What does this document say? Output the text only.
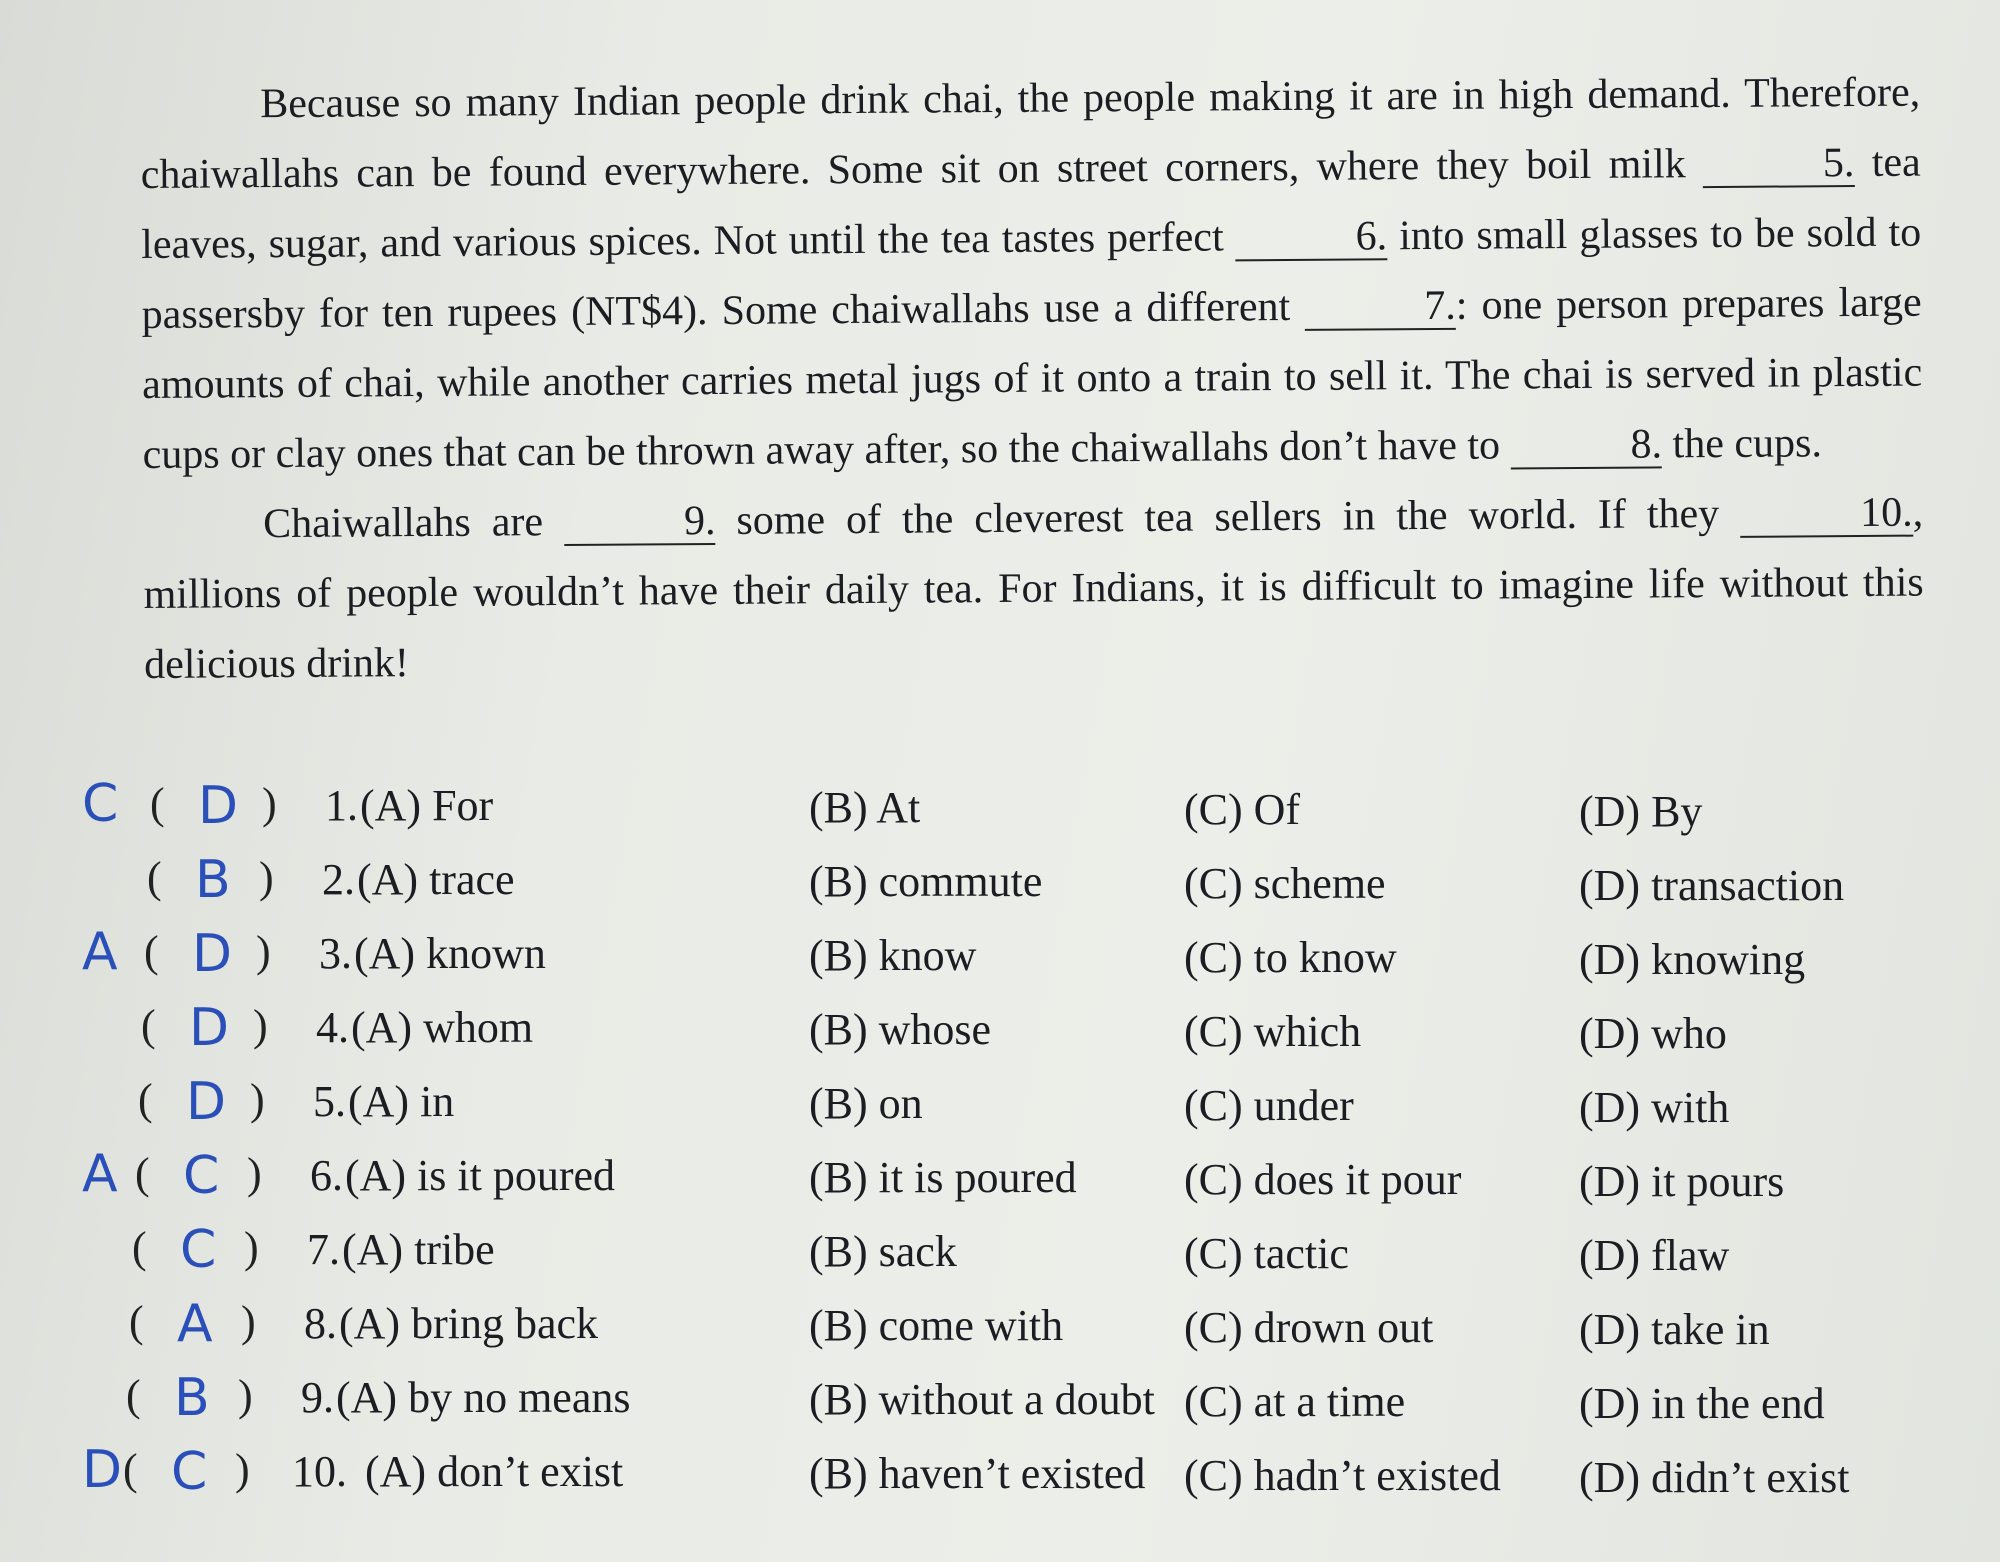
Because so many Indian people drink chai, the people making it are in high demand. Therefore, chaiwallahs can be found everywhere. Some sit on street corners, where they boil milk	5. tea leaves, sugar, and various spices. Not until the tea tastes perfect	6. into small glasses to be sold to passersby for ten rupees (NT$4). Some chaiwallahs use a different	7.: one person prepares large amounts of chai, while another carries metal jugs of it onto a train to sell it. The chai is served in plastic cups or clay ones that can be thrown away after, so the chaiwallahs don’t have to	8. the cups.

Chaiwallahs are	9. some of the cleverest tea sellers in the world. If they	10., millions of people wouldn’t have their daily tea. For Indians, it is difficult to imagine life without this delicious drink!

C ( D ) 1. (A) For	(B) At	(C) Of	(D) By
( B ) 2. (A) trace	(B) commute	(C) scheme	(D) transaction
A ( D ) 3. (A) known	(B) know	(C) to know	(D) knowing
( D ) 4. (A) whom	(B) whose	(C) which	(D) who
( D ) 5. (A) in	(B) on	(C) under	(D) with
A ( C ) 6. (A) is it poured	(B) it is poured (C) does it pour	(D) it pours
( C ) 7. (A) tribe	(B) sack	(C) tactic	(D) flaw
( A ) 8. (A) bring back	(B) come with	(C) drown out	(D) take in
( B ) 9. (A) by no means	(B) without a doubt (C) at a time	(D) in the end
D ( C ) 10. (A) don’t exist	(B) haven’t existed (C) hadn’t existed (D) didn’t exist
